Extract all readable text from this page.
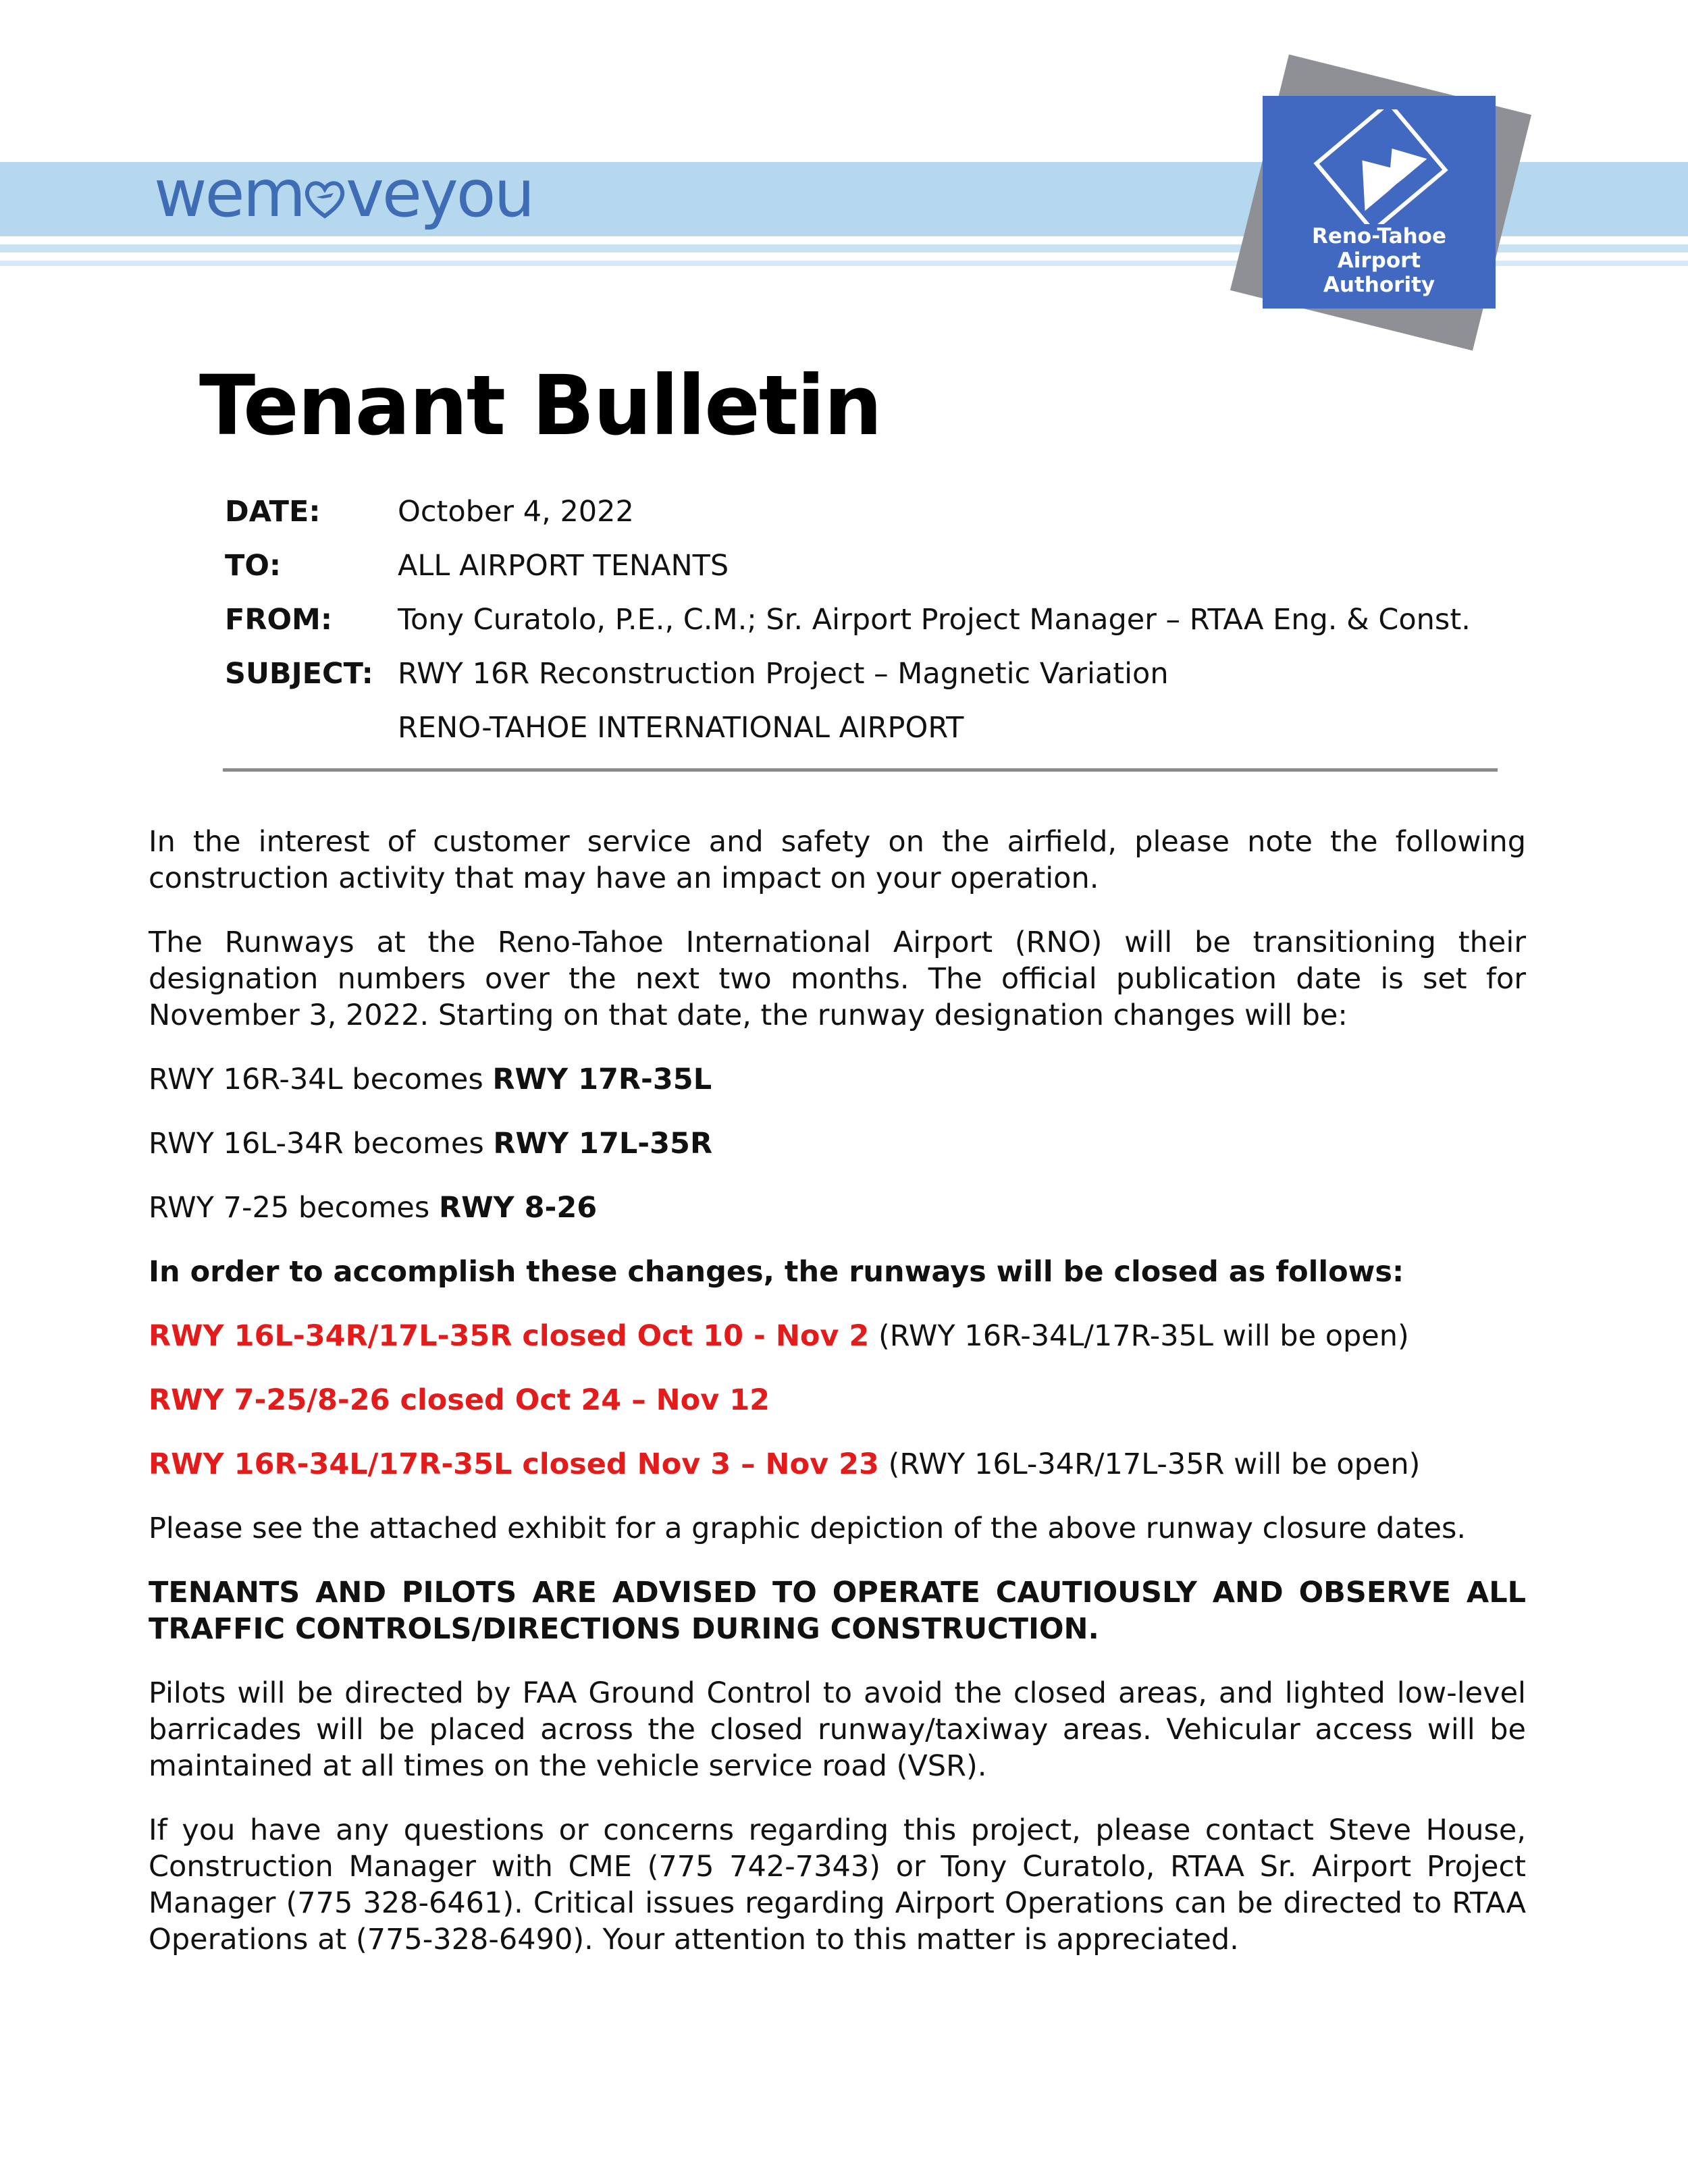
wem veyou
Reno-Tahoe
Airport
Authority
Tenant Bulletin
DATE:	October 4, 2022
TO:	ALL AIRPORT TENANTS
FROM:	Tony Curatolo, P.E., C.M.; Sr. Airport Project Manager – RTAA Eng. & Const.
SUBJECT: RWY 16R Reconstruction Project – Magnetic Variation
RENO-TAHOE INTERNATIONAL AIRPORT

In the interest of customer service and safety on the airfield, please note the following construction activity that may have an impact on your operation.

The Runways at the Reno-Tahoe International Airport (RNO) will be transitioning their designation numbers over the next two months. The official publication date is set for November 3, 2022. Starting on that date, the runway designation changes will be:

RWY 16R-34L becomes RWY 17R-35L

RWY 16L-34R becomes RWY 17L-35R

RWY 7-25 becomes RWY 8-26

In order to accomplish these changes, the runways will be closed as follows:

RWY 16L-34R/17L-35R closed Oct 10 - Nov 2 (RWY 16R-34L/17R-35L will be open)

RWY 7-25/8-26 closed Oct 24 – Nov 12

RWY 16R-34L/17R-35L closed Nov 3 – Nov 23 (RWY 16L-34R/17L-35R will be open)

Please see the attached exhibit for a graphic depiction of the above runway closure dates.

TENANTS AND PILOTS ARE ADVISED TO OPERATE CAUTIOUSLY AND OBSERVE ALL TRAFFIC CONTROLS/DIRECTIONS DURING CONSTRUCTION.

Pilots will be directed by FAA Ground Control to avoid the closed areas, and lighted low-level barricades will be placed across the closed runway/taxiway areas. Vehicular access will be maintained at all times on the vehicle service road (VSR).

If you have any questions or concerns regarding this project, please contact Steve House, Construction Manager with CME (775 742-7343) or Tony Curatolo, RTAA Sr. Airport Project Manager (775 328-6461). Critical issues regarding Airport Operations can be directed to RTAA Operations at (775-328-6490). Your attention to this matter is appreciated.
